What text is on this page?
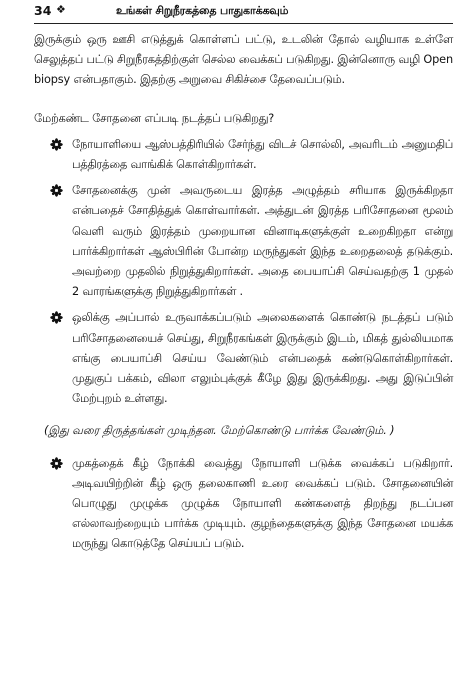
34 ❖	உங்கள் சிறுநீரகத்தை பாதுகாக்கவும்

இருக்கும் ஒரு ஊசி எடுத்துக் கொள்ளப் பட்டு, உடலின் தோல் வழியாக உள்ளே செலுத்தப் பட்டு சிறுநீரகத்திற்குள் செல்ல வைக்கப் படுகிறது. இன்னொரு வழி Open biopsy என்பதாகும். இதற்கு அறுவை சிகிச்சை தேவைப்படும்.

மேற்கண்ட சோதனை எப்படி நடத்தப் படுகிறது?

நோயாளியை ஆஸ்பத்திரியில் சேர்ந்து விடச் சொல்லி, அவரிடம் அனுமதிப் பத்திரத்தை வாங்கிக் கொள்கிறார்கள்.

சோதனைக்கு முன் அவருடைய இரத்த அழுத்தம் சரியாக இருக்கிறதா என்பதைச் சோதித்துக் கொள்வார்கள். அத்துடன் இரத்த பரிசோதனை மூலம் வெளி வரும் இரத்தம் முறையான வினாடிகளுக்குள் உறைகிறதா என்று பார்க்கிறார்கள் ஆஸ்பிரின் போன்ற மருந்துகள் இந்த உறைதலைத் தடுக்கும். அவற்றை முதலில் நிறுத்துகிறார்கள். அதை பையாப்சி செய்வதற்கு 1 முதல் 2 வாரங்களுக்கு நிறுத்துகிறார்கள் .

ஒலிக்கு அப்பால் உருவாக்கப்படும் அலைகளைக் கொண்டு நடத்தப் படும் பரிசோதனையைச் செய்து, சிறுநீரகங்கள் இருக்கும் இடம், மிகத் துல்லியமாக எங்கு பையாப்சி செய்ய வேண்டும் என்பதைக் கண்டுகொள்கிறார்கள். முதுகுப் பக்கம், விலா எலும்புக்குக் கீழே இது இருக்கிறது. அது இடுப்பின் மேற்புறம் உள்ளது.

(இது வரை திருத்தங்கள் முடிந்தன. மேற்கொண்டு பார்க்க வேண்டும். )

முகத்தைக் கீழ் நோக்கி வைத்து நோயாளி படுக்க வைக்கப் படுகிறார். அடிவயிற்றின் கீழ் ஒரு தலைகாணி உரை வைக்கப் படும். சோதனையின் பொழுது முழுக்க முழுக்க நோயாளி கண்களைத் திறந்து நடப்பன எல்லாவற்றையும் பார்க்க முடியும். குழந்தைகளுக்கு இந்த சோதனை மயக்க மருந்து கொடுத்தே செய்யப் படும்.
